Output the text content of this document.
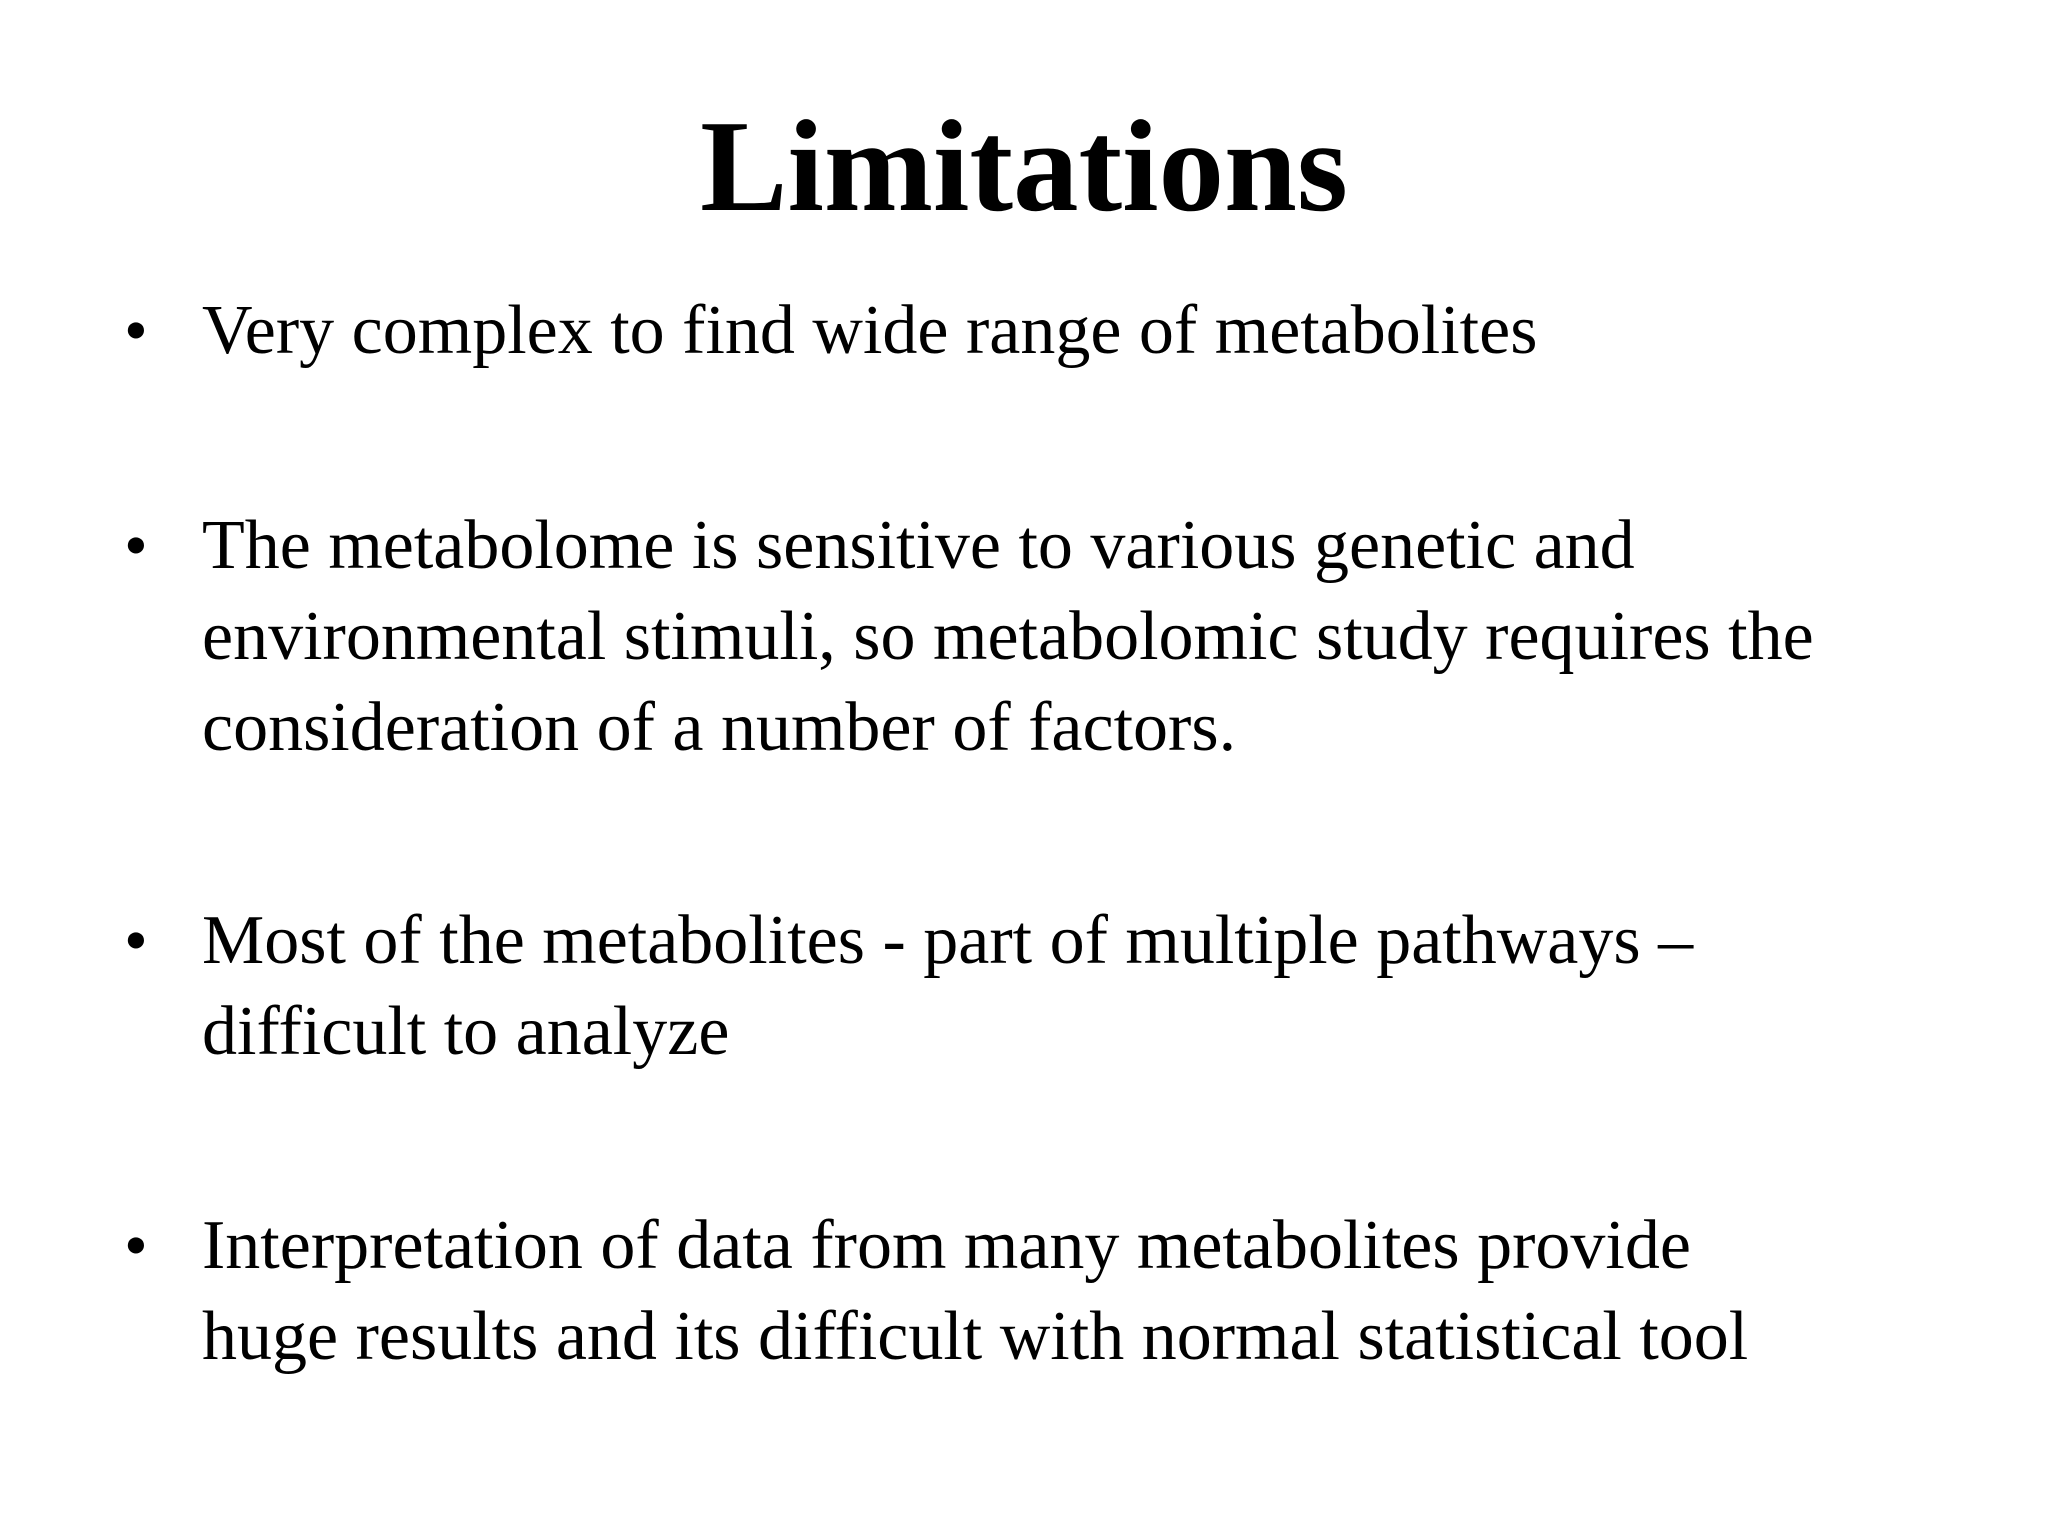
Limitations
• Very complex to find wide range of metabolites
• The metabolome is sensitive to various genetic and
environmental stimuli, so metabolomic study requires the
consideration of a number of factors.
• Most of the metabolites - part of multiple pathways –
difficult to analyze
• Interpretation of data from many metabolites provide
huge results and its difficult with normal statistical tool
